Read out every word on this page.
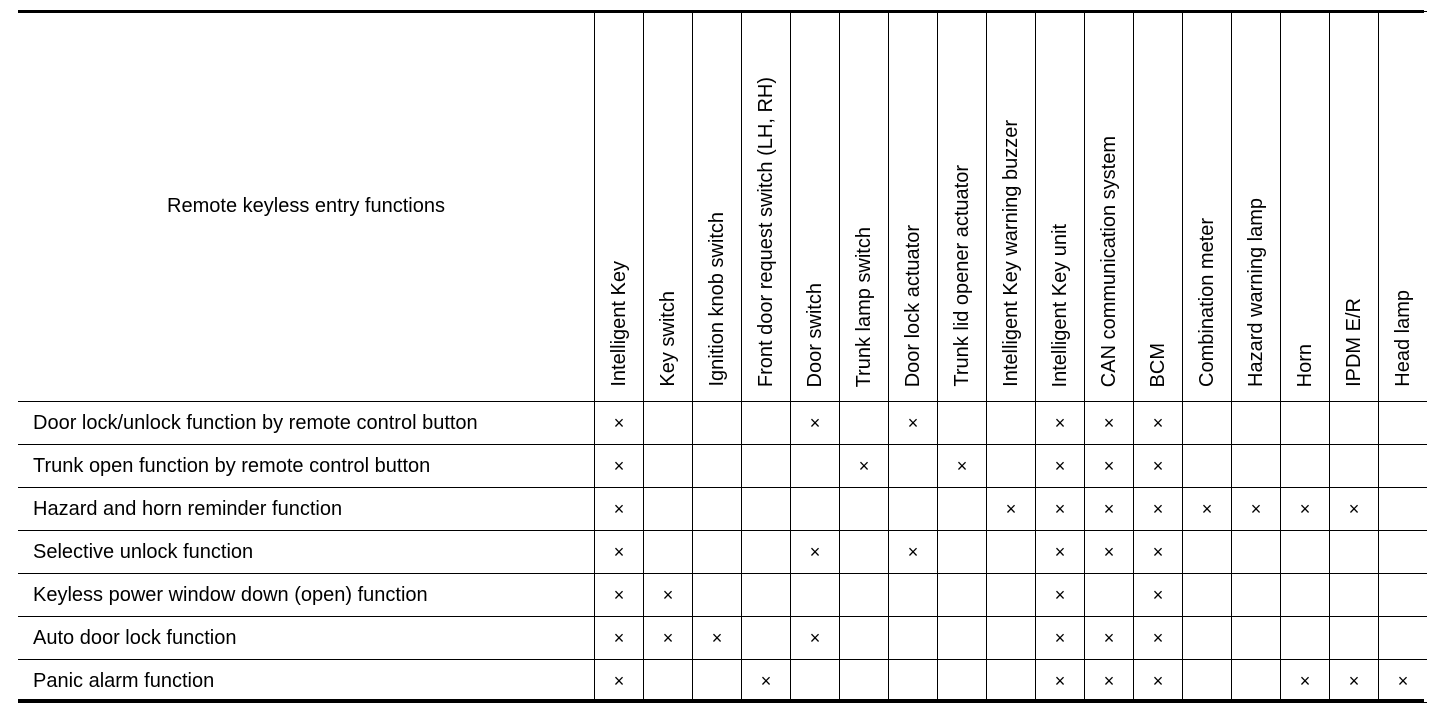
Remote keyless entry functions	Intelligent Key	Key switch	Ignition knob switch	Front door request switch (LH, RH)	Door switch	Trunk lamp switch	Door lock actuator	Trunk lid opener actuator	Intelligent Key warning buzzer	Intelligent Key unit	CAN communication system	BCM	Combination meter	Hazard warning lamp	Horn	IPDM E/R	Head lamp

Door lock/unlock function by remote control button	×				×		×			×	×	×					
Trunk open function by remote control button	×					×		×		×	×	×					
Hazard and horn reminder function	×								×	×	×	×	×	×	×	×	
Selective unlock function	×				×		×			×	×	×					
Keyless power window down (open) function	×	×								×		×					
Auto door lock function	×	×	×		×					×	×	×					
Panic alarm function	×			×						×	×	×			×	×	×
